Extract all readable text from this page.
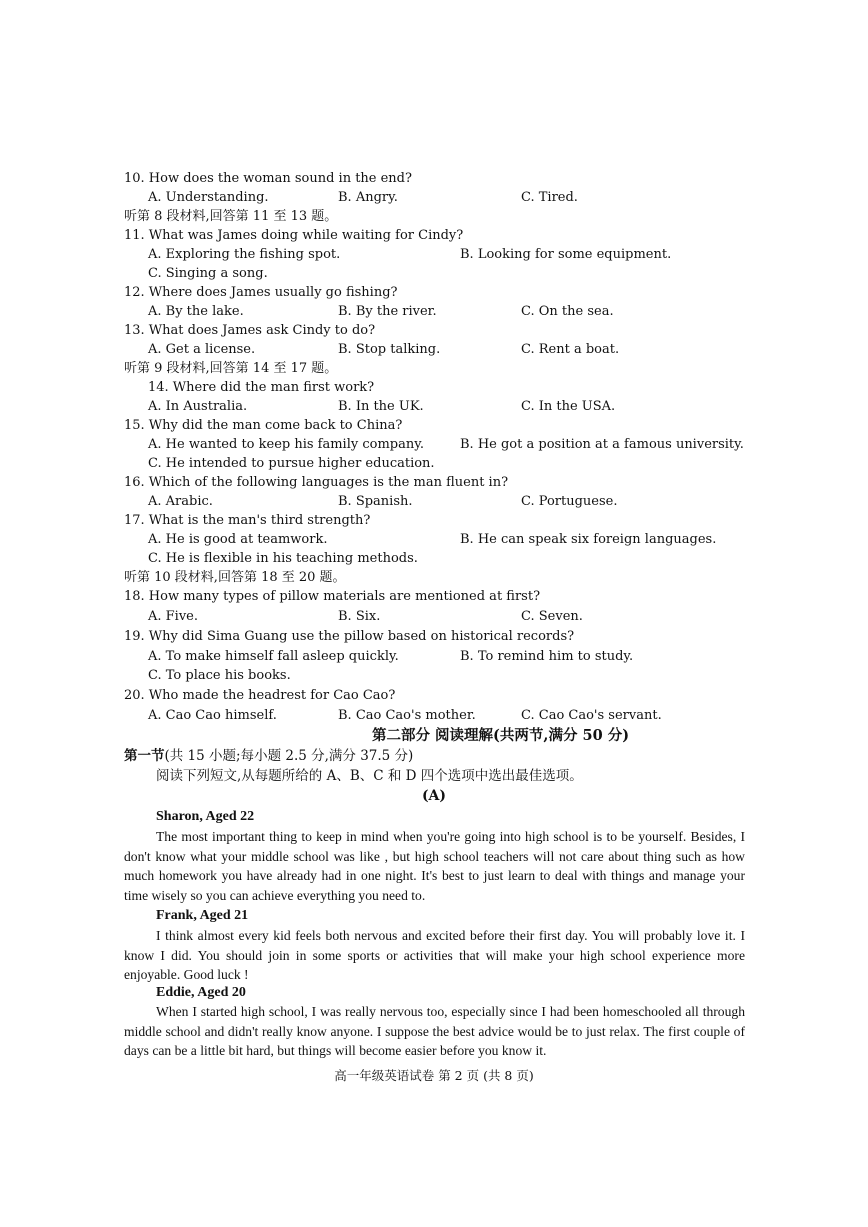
10. How does the woman sound in the end?
A. Understanding.	B. Angry.	C. Tired.
听第 8 段材料,回答第 11 至 13 题。
11. What was James doing while waiting for Cindy?
A. Exploring the fishing spot.	B. Looking for some equipment.
C. Singing a song.
12. Where does James usually go fishing?
A. By the lake.	B. By the river.	C. On the sea.
13. What does James ask Cindy to do?
A. Get a license.	B. Stop talking.	C. Rent a boat.
听第 9 段材料,回答第 14 至 17 题。
14. Where did the man first work?
A. In Australia.	B. In the UK.	C. In the USA.
15. Why did the man come back to China?
A. He wanted to keep his family company.	B. He got a position at a famous university.
C. He intended to pursue higher education.
16. Which of the following languages is the man fluent in?
A. Arabic.	B. Spanish.	C. Portuguese.
17. What is the man's third strength?
A. He is good at teamwork.	B. He can speak six foreign languages.
C. He is flexible in his teaching methods.
听第 10 段材料,回答第 18 至 20 题。
18. How many types of pillow materials are mentioned at first?
A. Five.	B. Six.	C. Seven.
19. Why did Sima Guang use the pillow based on historical records?
A. To make himself fall asleep quickly.	B. To remind him to study.
C. To place his books.
20. Who made the headrest for Cao Cao?
A. Cao Cao himself.	B. Cao Cao's mother.	C. Cao Cao's servant.
第二部分 阅读理解(共两节,满分 50 分)
第一节(共 15 小题;每小题 2.5 分,满分 37.5 分)
阅读下列短文,从每题所给的 A、B、C 和 D 四个选项中选出最佳选项。
(A)
Sharon, Aged 22
The most important thing to keep in mind when you're going into high school is to be yourself. Besides, I don't know what your middle school was like , but high school teachers will not care about thing such as how much homework you have already had in one night. It's best to just learn to deal with things and manage your time wisely so you can achieve everything you need to.
Frank, Aged 21
I think almost every kid feels both nervous and excited before their first day. You will probably love it. I know I did. You should join in some sports or activities that will make your high school experience more enjoyable. Good luck !
Eddie, Aged 20
When I started high school, I was really nervous too, especially since I had been homeschooled all through middle school and didn't really know anyone. I suppose the best advice would be to just relax. The first couple of days can be a little bit hard, but things will become easier before you know it.
高一年级英语试卷 第 2 页 (共 8 页)
